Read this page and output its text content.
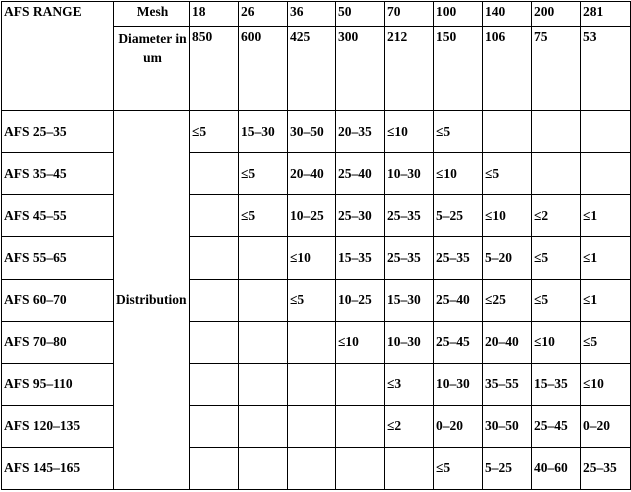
AFS RANGE	Mesh	18	26	36	50	70	100	140	200	281
	Diameter in um	850	600	425	300	212	150	106	75	53
AFS 25–35	Distribution	≤5	15–30	30–50	20–35	≤10	≤5			
AFS 35–45			≤5	20–40	25–40	10–30	≤10	≤5		
AFS 45–55			≤5	10–25	25–30	25–35	5–25	≤10	≤2	≤1
AFS 55–65				≤10	15–35	25–35	25–35	5–20	≤5	≤1
AFS 60–70				≤5	10–25	15–30	25–40	≤25	≤5	≤1
AFS 70–80					≤10	10–30	25–45	20–40	≤10	≤5
AFS 95–110						≤3	10–30	35–55	15–35	≤10
AFS 120–135						≤2	0–20	30–50	25–45	0–20
AFS 145–165							≤5	5–25	40–60	25–35
